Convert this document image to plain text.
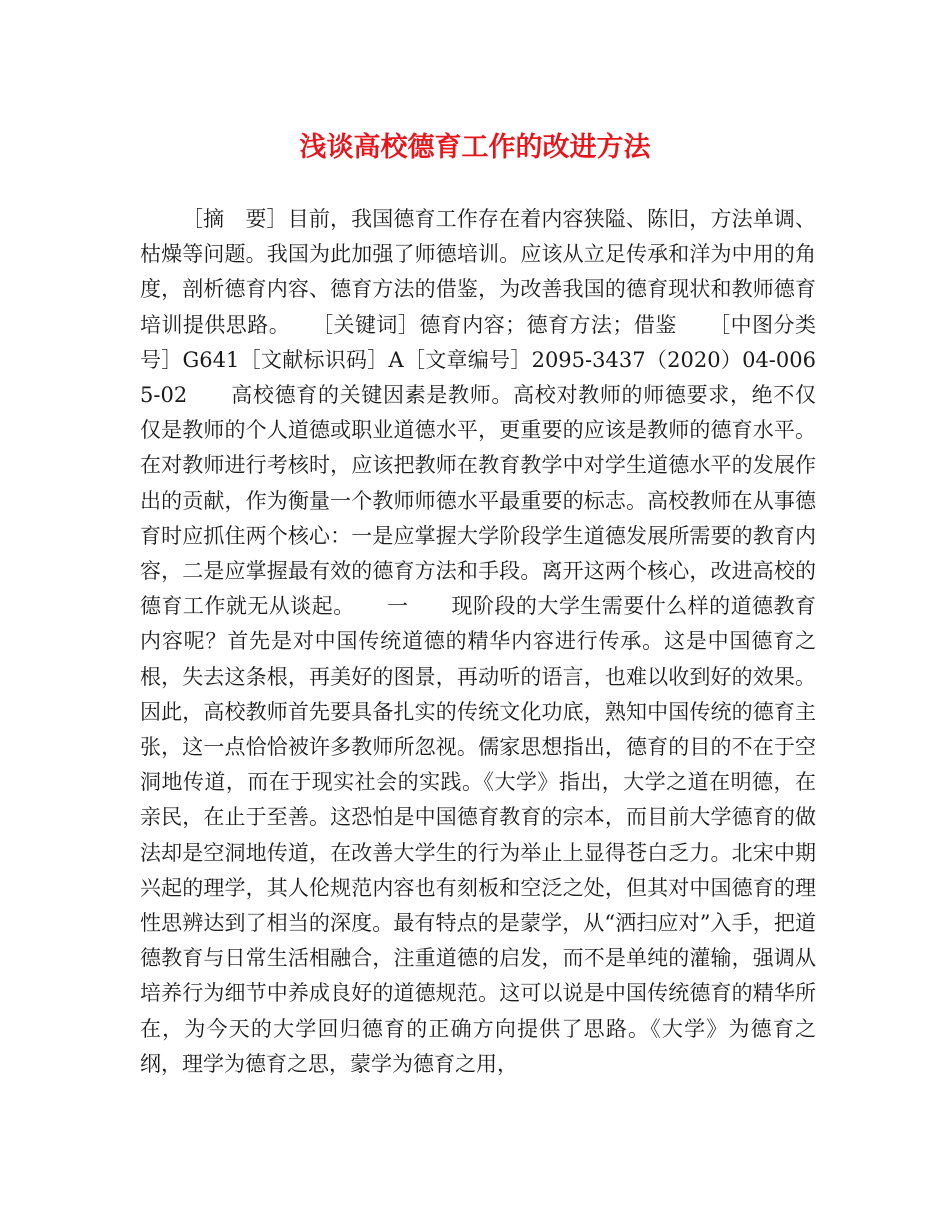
浅谈高校德育工作的改进方法

［摘　要］目前，我国德育工作存在着内容狭隘、陈旧，方法单调、枯燥等问题。我国为此加强了师德培训。应该从立足传承和洋为中用的角度，剖析德育内容、德育方法的借鉴，为改善我国的德育现状和教师德育培训提供思路。　　［关键词］德育内容；德育方法；借鉴　　［中图分类号］G641［文献标识码］A［文章编号］2095-3437（2020）04-0065-02　　高校德育的关键因素是教师。高校对教师的师德要求，绝不仅仅是教师的个人道德或职业道德水平，更重要的应该是教师的德育水平。在对教师进行考核时，应该把教师在教育教学中对学生道德水平的发展作出的贡献，作为衡量一个教师师德水平最重要的标志。高校教师在从事德育时应抓住两个核心：一是应掌握大学阶段学生道德发展所需要的教育内容，二是应掌握最有效的德育方法和手段。离开这两个核心，改进高校的德育工作就无从谈起。　　一　　现阶段的大学生需要什么样的道德教育内容呢？首先是对中国传统道德的精华内容进行传承。这是中国德育之根，失去这条根，再美好的图景，再动听的语言，也难以收到好的效果。因此，高校教师首先要具备扎实的传统文化功底，熟知中国传统的德育主张，这一点恰恰被许多教师所忽视。儒家思想指出，德育的目的不在于空洞地传道，而在于现实社会的实践。《大学》指出，大学之道在明德，在亲民，在止于至善。这恐怕是中国德育教育的宗本，而目前大学德育的做法却是空洞地传道，在改善大学生的行为举止上显得苍白乏力。北宋中期兴起的理学，其人伦规范内容也有刻板和空泛之处，但其对中国德育的理性思辨达到了相当的深度。最有特点的是蒙学，从“洒扫应对”入手，把道德教育与日常生活相融合，注重道德的启发，而不是单纯的灌输，强调从培养行为细节中养成良好的道德规范。这可以说是中国传统德育的精华所在，为今天的大学回归德育的正确方向提供了思路。《大学》为德育之纲，理学为德育之思，蒙学为德育之用，
